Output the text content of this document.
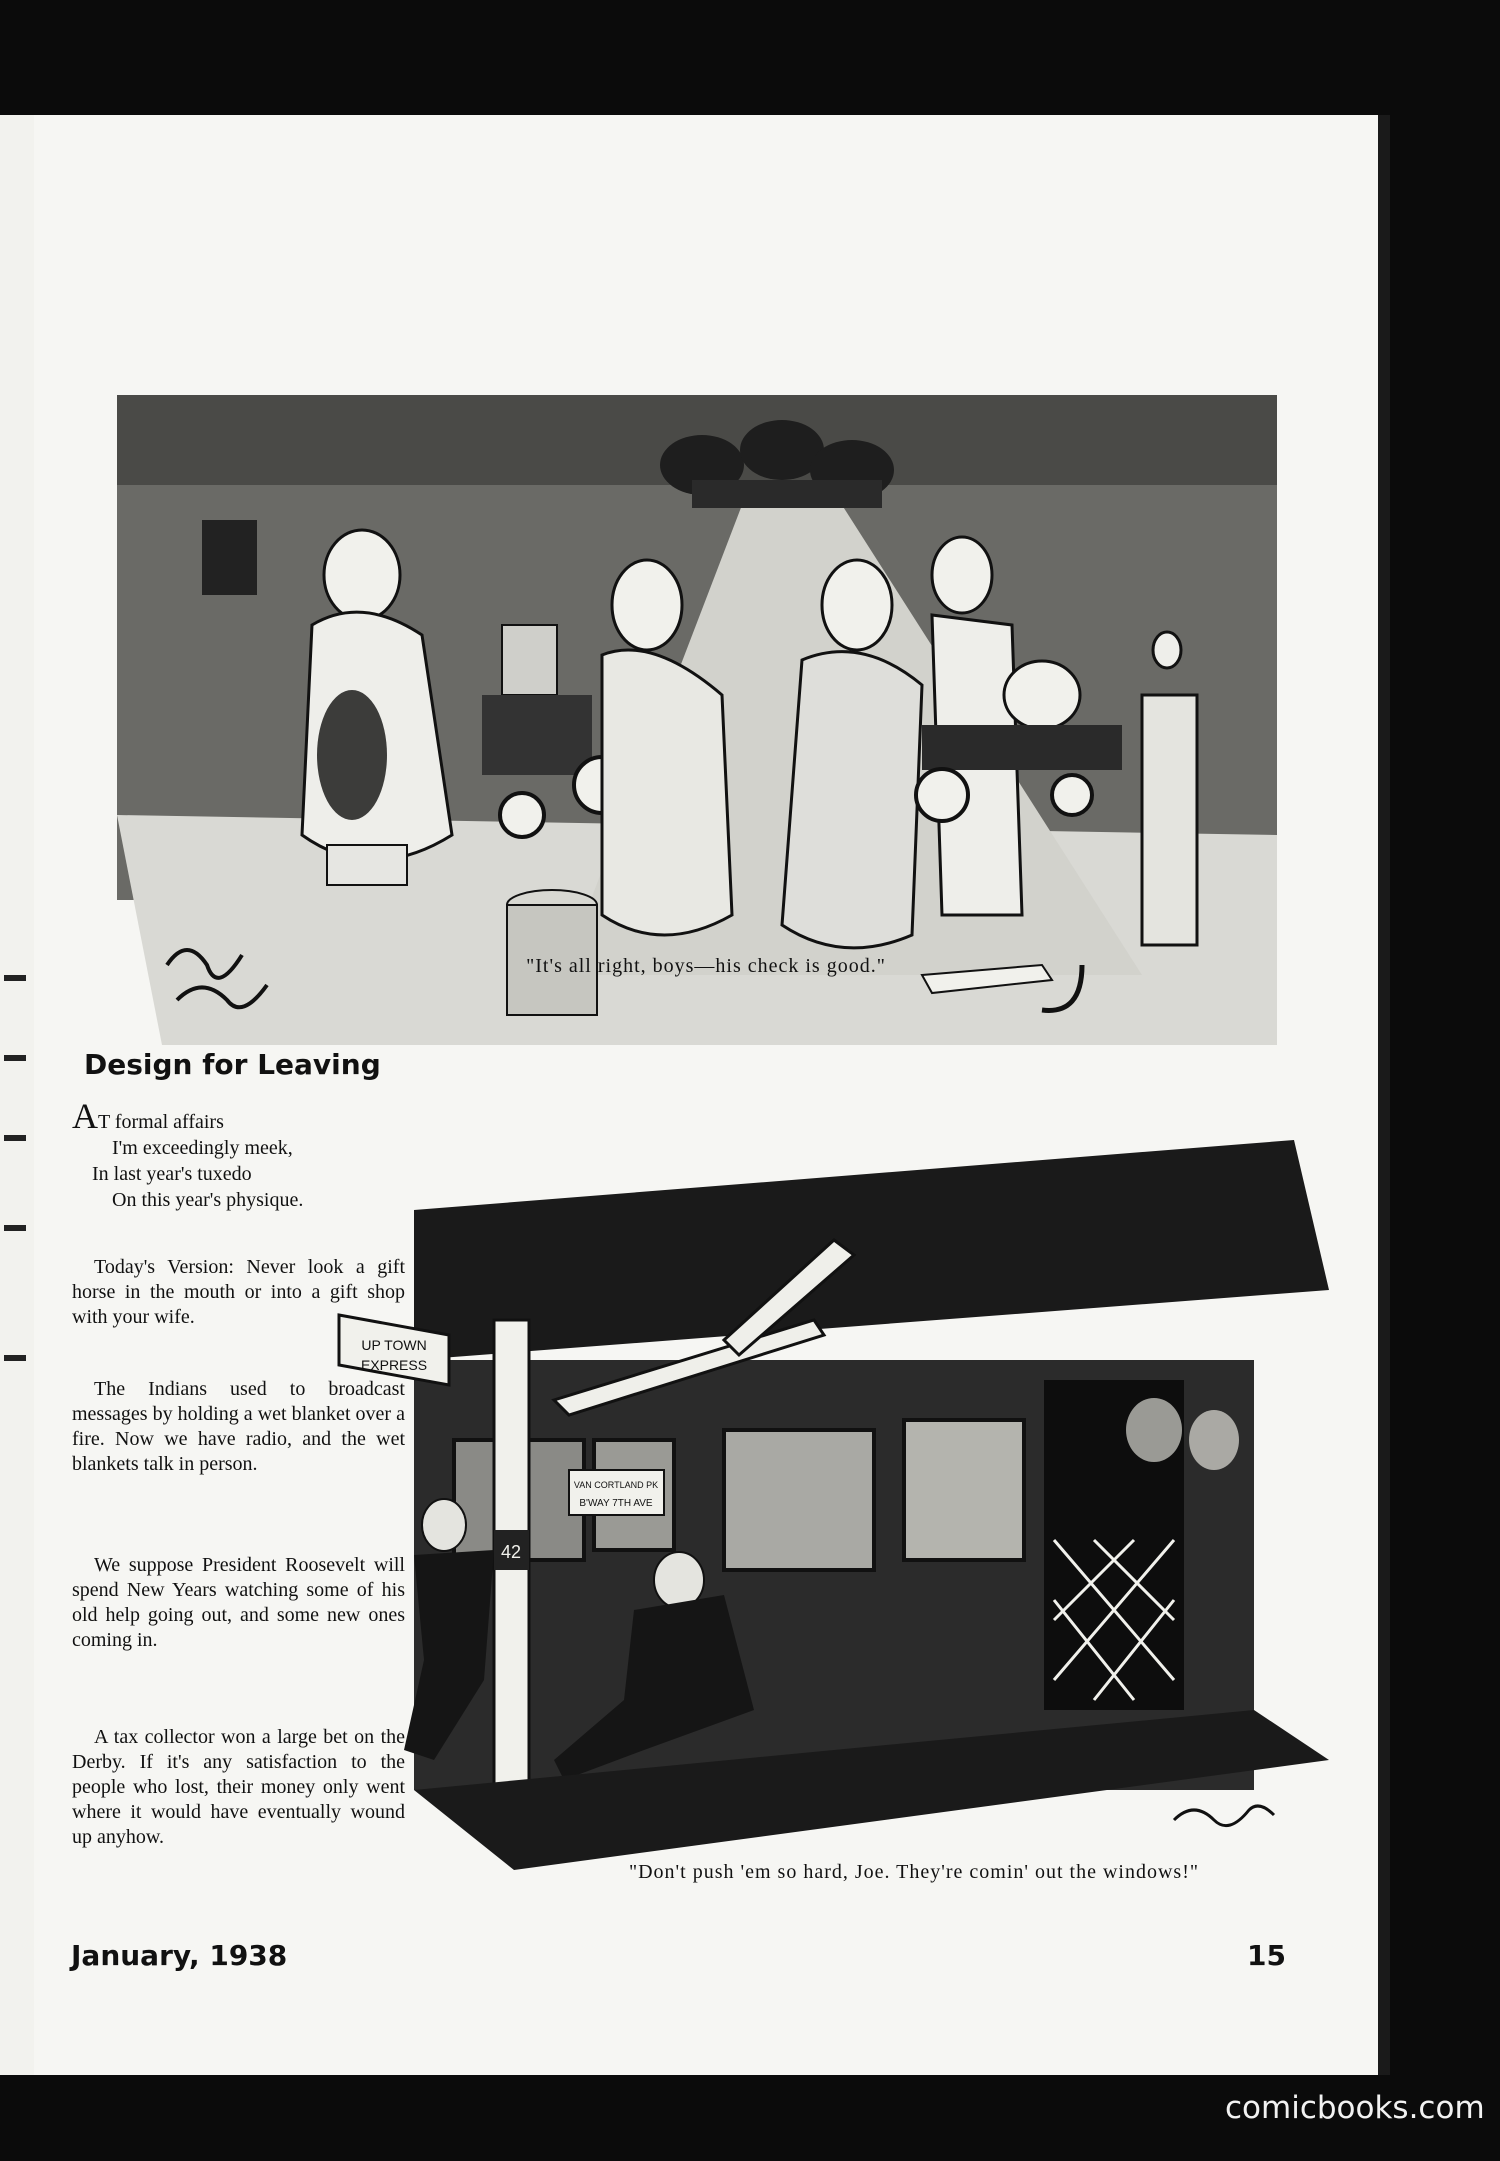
"It's all right, boys—his check is good."
Design for Leaving
AT formal affairs
I'm exceedingly meek,
In last year's tuxedo
On this year's physique.
Today's Version: Never look a gift horse in the mouth or into a gift shop with your wife.
The Indians used to broadcast messages by holding a wet blanket over a fire. Now we have radio, and the wet blankets talk in person.
We suppose President Roosevelt will spend New Years watching some of his old help going out, and some new ones coming in.
A tax collector won a large bet on the Derby. If it's any satisfaction to the people who lost, their money only went where it would have eventually wound up anyhow.
42
UP TOWN
EXPRESS
VAN CORTLAND PK
B'WAY 7TH AVE
"Don't push 'em so hard, Joe. They're comin' out the windows!"
January, 1938	15
comicbooks.com
